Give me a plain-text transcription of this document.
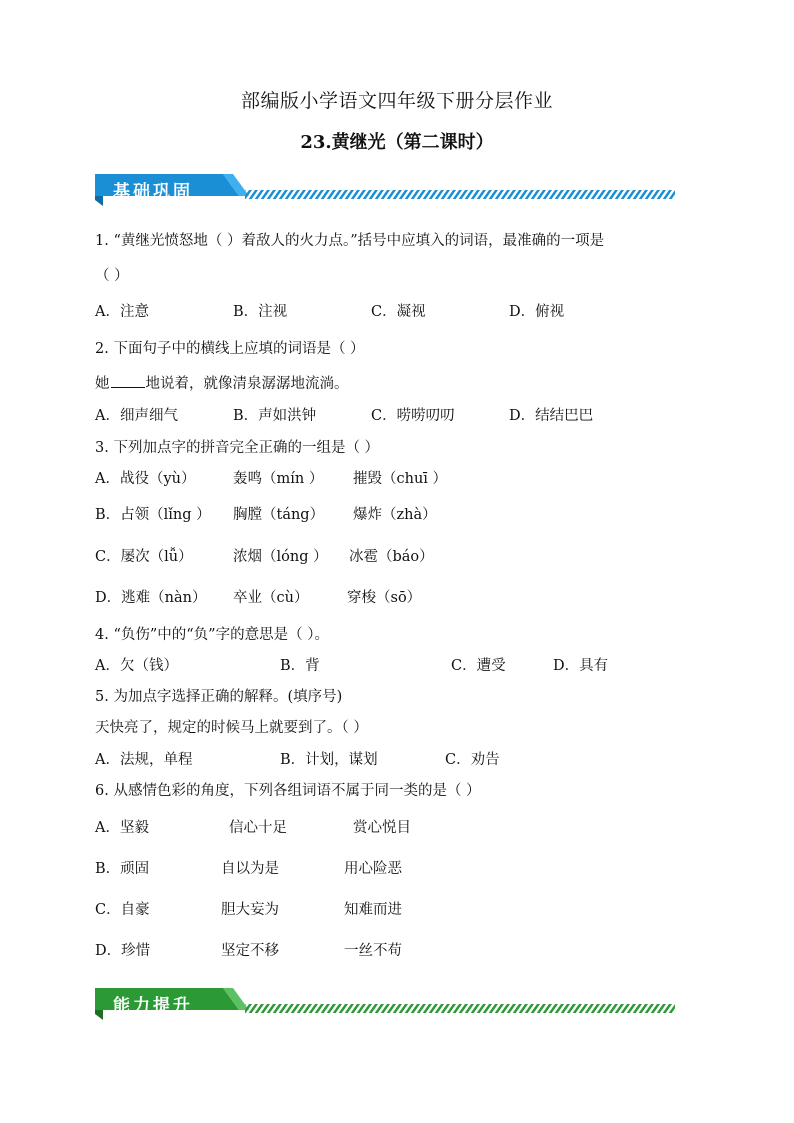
部编版小学语文四年级下册分层作业
23.黄继光（第二课时）
基础巩固
1. “黄继光愤怒地（ ）着敌人的火力点。”括号中应填入的词语，最准确的一项是
（ ）
A．注意	B．注视	C．凝视	D．俯视
2. 下面句子中的横线上应填的词语是（ ）
她 地说着，就像清泉潺潺地流淌。
A．细声细气	B．声如洪钟	C．唠唠叨叨	D．结结巴巴
3. 下列加点字的拼音完全正确的一组是（ ）
A．战役（yù）	轰鸣（mín ） 摧毁（chuī ）
B．占领（lǐng ） 胸膛（táng） 爆炸（zhà）
C．屡次（lǚ）	浓烟（lóng ） 冰雹（báo）
D．逃难（nàn） 卒业（cù）	穿梭（sō）
4. “负伤”中的“负”字的意思是（ ）。
A．欠（钱）	B．背	C．遭受	D．具有
5. 为加点字选择正确的解释。(填序号)
天快亮了，规定的时候马上就要到了。（ ）
A．法规，单程	B．计划，谋划	C．劝告
6. 从感情色彩的角度，下列各组词语不属于同一类的是（ ）
A．坚毅	信心十足	赏心悦目
B．顽固	自以为是	用心险恶
C．自豪	胆大妄为	知难而进
D．珍惜	坚定不移	一丝不苟
能力提升
